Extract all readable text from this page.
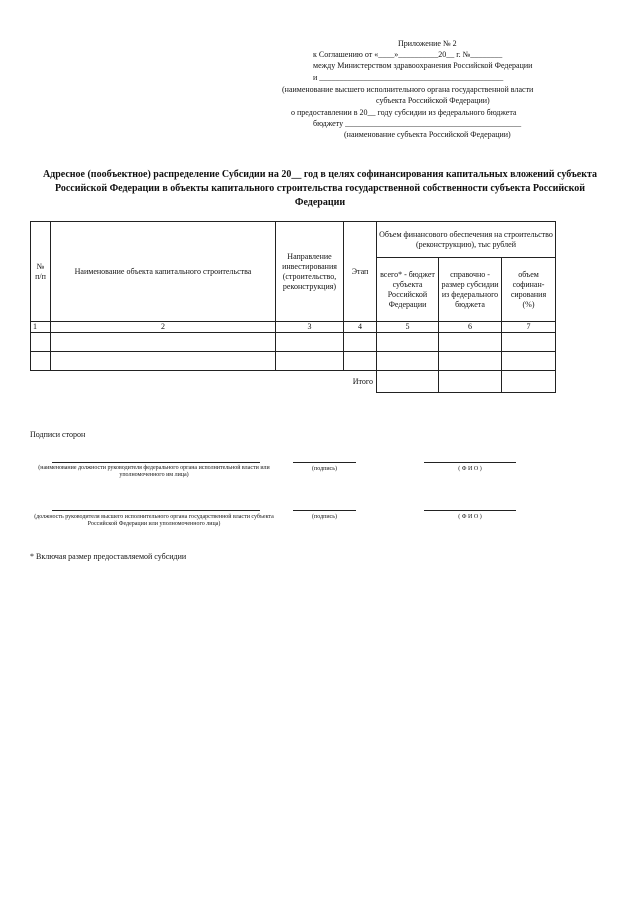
Приложение № 2
к Соглашению от «____»__________20__ г. №________
между Министерством здравоохранения Российской Федерации
и ______________________________________________
(наименование высшего исполнительного органа государственной власти
субъекта Российской Федерации)
о предоставлении в 20__ году субсидии из федерального бюджета
бюджету ____________________________________________
(наименование субъекта Российской Федерации)
Адресное (пообъектное) распределение Субсидии на 20__ год в целях софинансирования капитальных вложений субъекта Российской Федерации в объекты капитального строительства государственной собственности субъекта Российской Федерации
№ п/п	Наименование объекта капитального строительства	Направление инвестирования (строительство, реконструкция)	Этап	Объем финансового обеспечения на строительство (реконструкцию), тыс рублей		
				всего* - бюджет субъекта Российской Федерации	справочно - размер субсидии из федерального бюджета	объем софинан-сирования (%)
1	2	3	4	5	6	7

Итого						
Подписи сторон
(наименование должности руководителя федерального органа исполнительной власти или уполномоченного им лица)
(подпись)	( Ф И О )
(должность руководителя высшего исполнительного органа государственной власти субъекта Российской Федерации или уполномоченного лица)
(подпись)	( Ф И О )
* Включая размер предоставляемой субсидии
